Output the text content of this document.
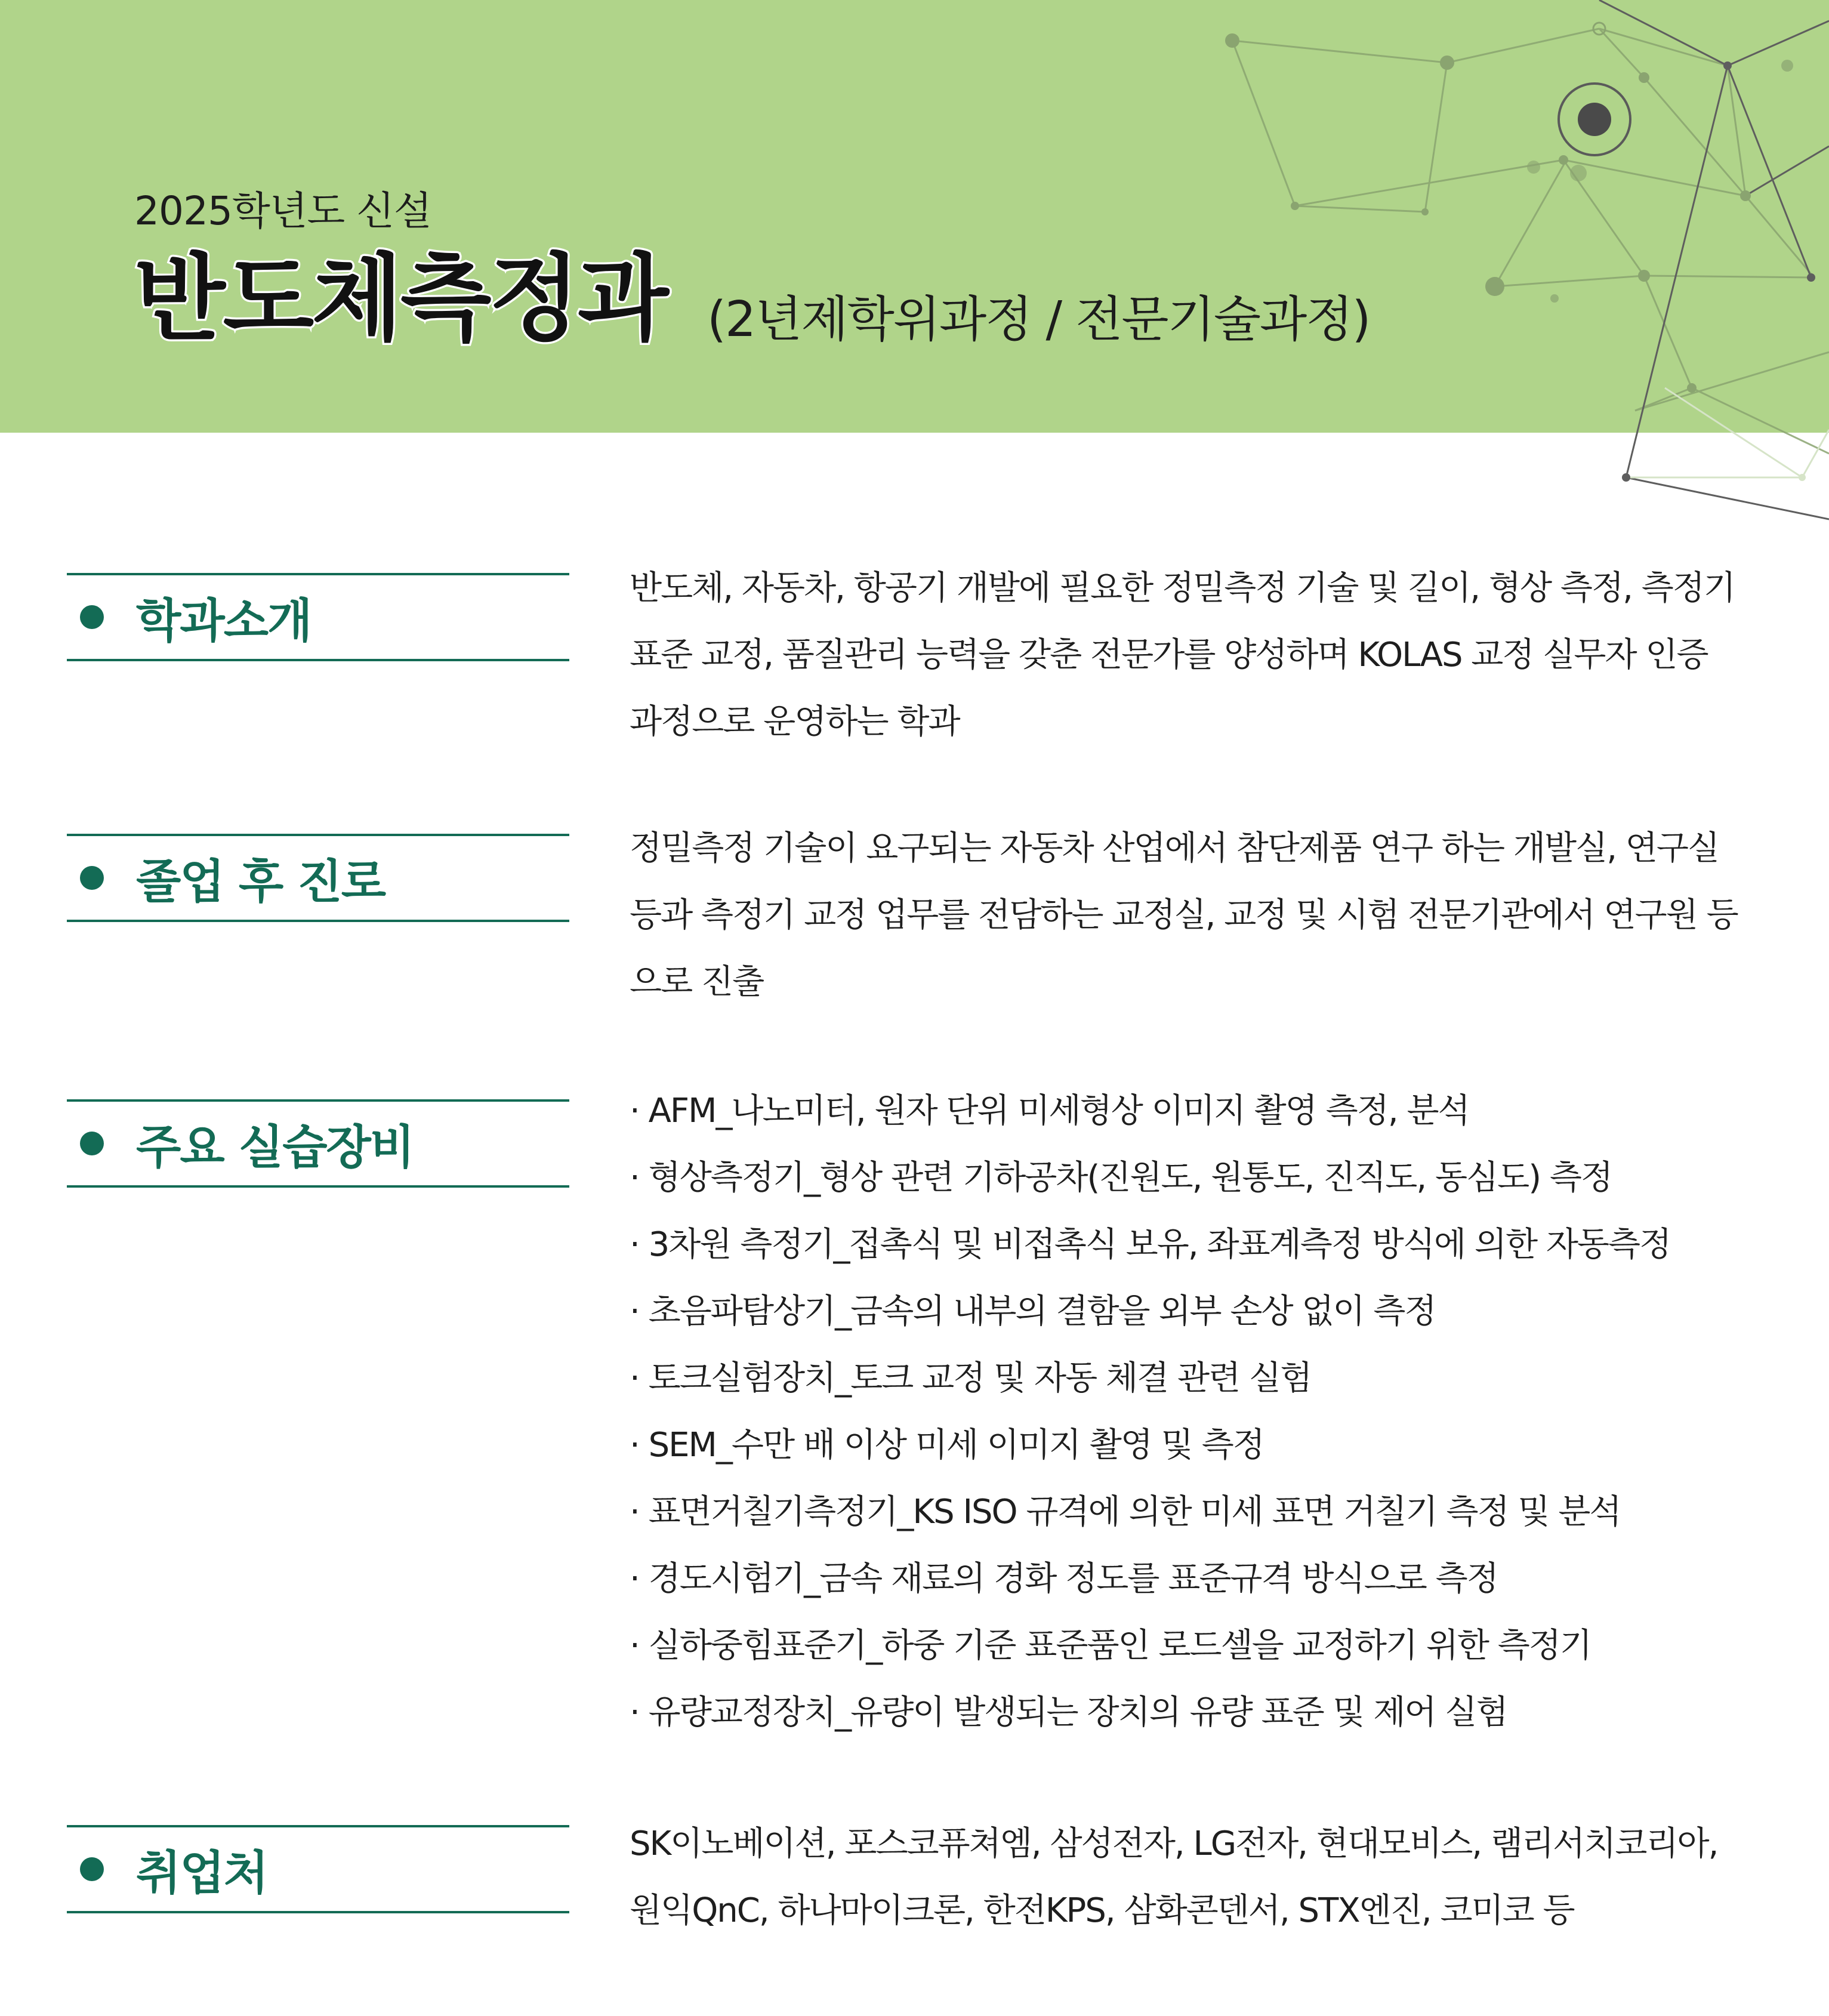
2025학년도 신설
반도체측정과 (2년제학위과정 / 전문기술과정)
학과소개

반도체, 자동차, 항공기 개발에 필요한 정밀측정 기술 및 길이, 형상 측정, 측정기

표준 교정, 품질관리 능력을 갖춘 전문가를 양성하며 KOLAS 교정 실무자 인증

과정으로 운영하는 학과

졸업 후 진로

정밀측정 기술이 요구되는 자동차 산업에서 참단제품 연구 하는 개발실, 연구실

등과 측정기 교정 업무를 전담하는 교정실, 교정 및 시험 전문기관에서 연구원 등

으로 진출

주요 실습장비
· AFM_나노미터, 원자 단위 미세형상 이미지 촬영 측정, 분석
· 형상측정기_형상 관련 기하공차(진원도, 원통도, 진직도, 동심도) 측정
· 3차원 측정기_접촉식 및 비접촉식 보유, 좌표계측정 방식에 의한 자동측정
· 초음파탐상기_금속의 내부의 결함을 외부 손상 없이 측정
· 토크실험장치_토크 교정 및 자동 체결 관련 실험
· SEM_수만 배 이상 미세 이미지 촬영 및 측정
· 표면거칠기측정기_KS ISO 규격에 의한 미세 표면 거칠기 측정 및 분석
· 경도시험기_금속 재료의 경화 정도를 표준규격 방식으로 측정
· 실하중힘표준기_하중 기준 표준품인 로드셀을 교정하기 위한 측정기
· 유량교정장치_유량이 발생되는 장치의 유량 표준 및 제어 실험
취업처

SK이노베이션, 포스코퓨쳐엠, 삼성전자, LG전자, 현대모비스, 램리서치코리아,

원익QnC, 하나마이크론, 한전KPS, 삼화콘덴서, STX엔진, 코미코 등
